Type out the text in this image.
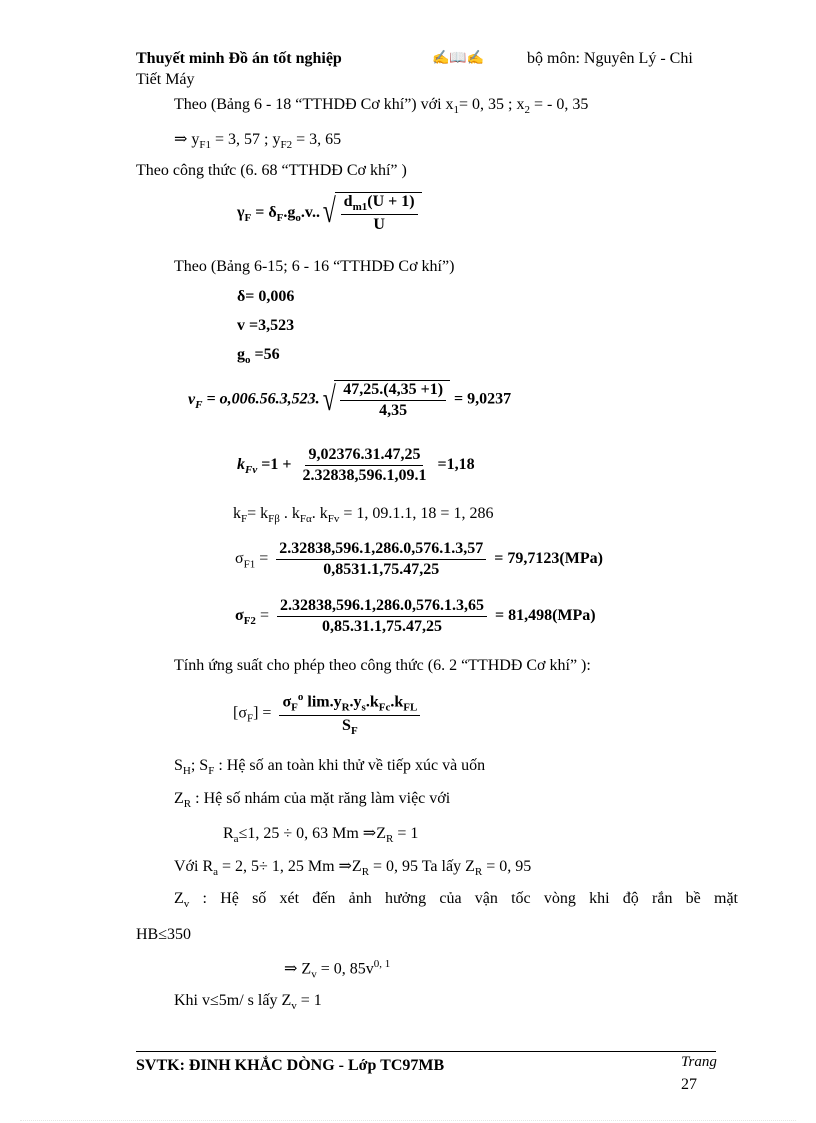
Thuyết minh Đồ án tốt nghiệp	✍📖✍	bộ môn: Nguyên Lý - Chi
Tiết Máy
Theo (Bảng 6 - 18 “TTHDĐ Cơ khí”) với $x_1= 0$, 35 ; $x_2$ = - 0, 35
⇒ $y_{F1} = 3$, 57 ; $y_{F2} = 3$, 65
Theo công thức (6. 68 “TTHDĐ Cơ khí” )
$\gamma_F = \delta_F.g_o.v$.. √ $\frac{d_{m1}(U + 1)}{U}$
Theo (Bảng 6-15; 6 - 16 “TTHDĐ Cơ khí”)
δ= 0,006
v =3,523
$g_o =56$
$\nu_F = o,006.56.3,523$. √ $\frac{47,25.(4,35 +1)}{4,35} = 9,0237$
$k_{Fv} =1 + \frac{9,02376.31.47,25}{2.32838,596.1,09.1} =1,18$
$k_F= k_{F\beta}$ . $k_{F\alpha}$. $k_{Fv} = 1$, 09.1.1, 18 = 1, 286
$\sigma_{F1} = \frac{2.32838,596.1,286.0,576.1.3,57}{0,8531.1,75.47,25} = 79,7123(MPa)$
$\sigma_{F2} = \frac{2.32838,596.1,286.0,576.1.3,65}{0,85.31.1,75.47,25} = 81,498(MPa)$
Tính ứng suất cho phép theo công thức (6. 2 “TTHDĐ Cơ khí” ):
$[\sigma_F] = \frac{\sigma_F^o \lim.y_R.y_s.k_{Fc}.k_{FL}}{S_F}$
$S_H$; $S_F$ : Hệ số an toàn khi thử về tiếp xúc và uốn
$Z_R$ : Hệ số nhám của mặt răng làm việc với
$R_a\le 1$, 25 ÷ 0, 63 Mm $\Rightarrow Z_R = 1$
Với $R_a = 2$, 5÷ 1, 25 Mm $\Rightarrow Z_R = 0$, 95 Ta lấy $Z_R = 0$, 95
$Z_v$ : Hệ số xét đến ảnh hưởng của vận tốc vòng khi độ rắn bề mặt
HB≤350
⇒ $Z_v = 0$, $85v^{0, 1}$
Khi v≤5m/ s lấy $Z_v = 1$
SVTK: ĐINH KHẮC DÒNG - Lớp TC97MB	Trang
27
